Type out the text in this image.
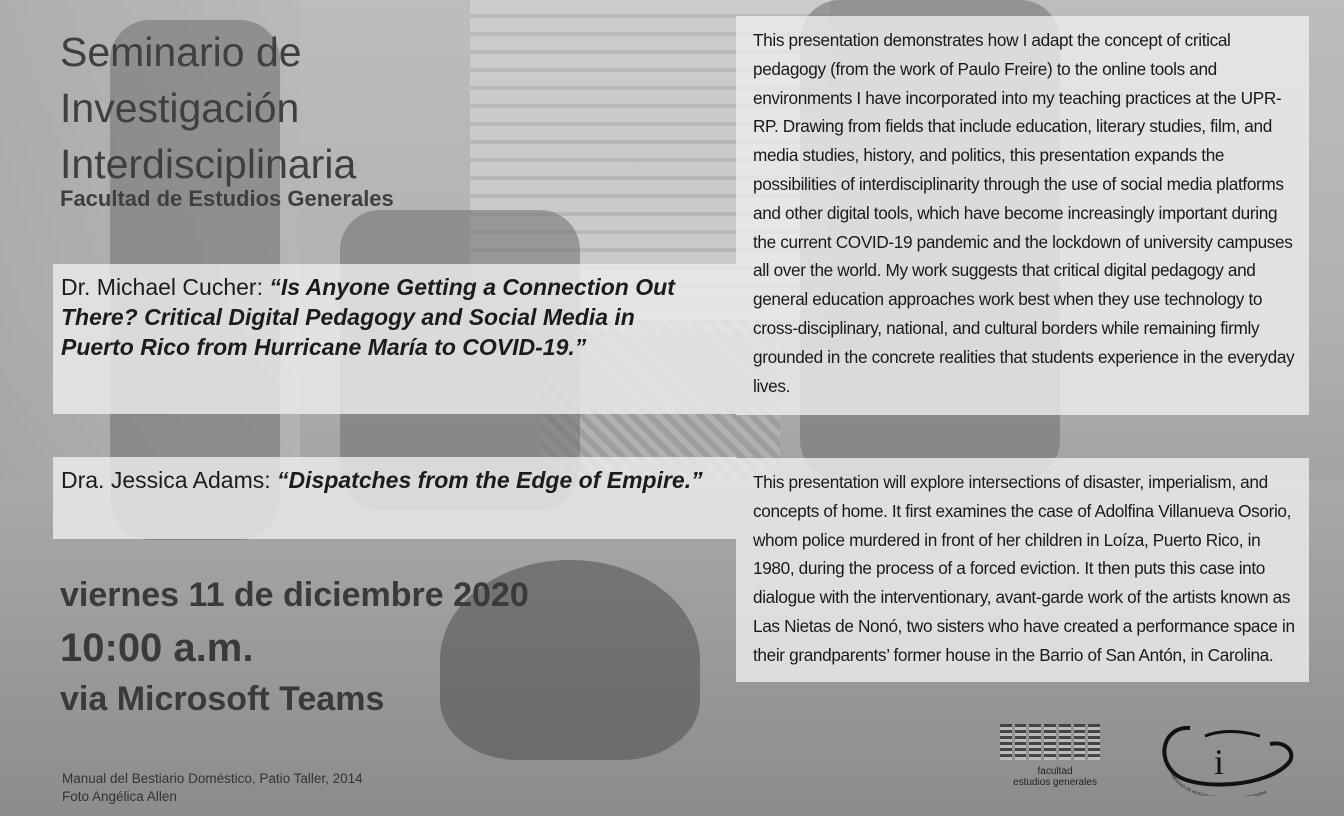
Seminario de
Investigación
Interdisciplinaria
Facultad de Estudios Generales
Dr. Michael Cucher: “Is Anyone Getting a Connection Out There? Critical Digital Pedagogy and Social Media in Puerto Rico from Hurricane María to COVID-19.”
Dra. Jessica Adams: “Dispatches from the Edge of Empire.”
This presentation demonstrates how I adapt the concept of critical pedagogy (from the work of Paulo Freire) to the online tools and environments I have incorporated into my teaching practices at the UPR-RP. Drawing from fields that include education, literary studies, film, and media studies, history, and politics, this presentation expands the possibilities of interdisciplinarity through the use of social media platforms and other digital tools, which have become increasingly important during the current COVID-19 pandemic and the lockdown of university campuses all over the world. My work suggests that critical digital pedagogy and general education approaches work best when they use technology to cross-disciplinary, national, and cultural borders while remaining firmly grounded in the concrete realities that students experience in the everyday lives.
This presentation will explore intersections of disaster, imperialism, and concepts of home. It first examines the case of Adolfina Villanueva Osorio, whom police murdered in front of her children in Loíza, Puerto Rico, in 1980, during the process of a forced eviction. It then puts this case into dialogue with the interventionary, avant-garde work of the artists known as Las Nietas de Nonó, two sisters who have created a performance space in their grandparents’ former house in the Barrio of San Antón, in Carolina.
viernes 11 de diciembre 2020
10:00 a.m.
via Microsoft Teams
Manual del Bestiario Doméstico, Patio Taller, 2014
Foto Angélica Allen
facultad
estudios generales
i
SEMINARIO DE INVESTI LINARIA
